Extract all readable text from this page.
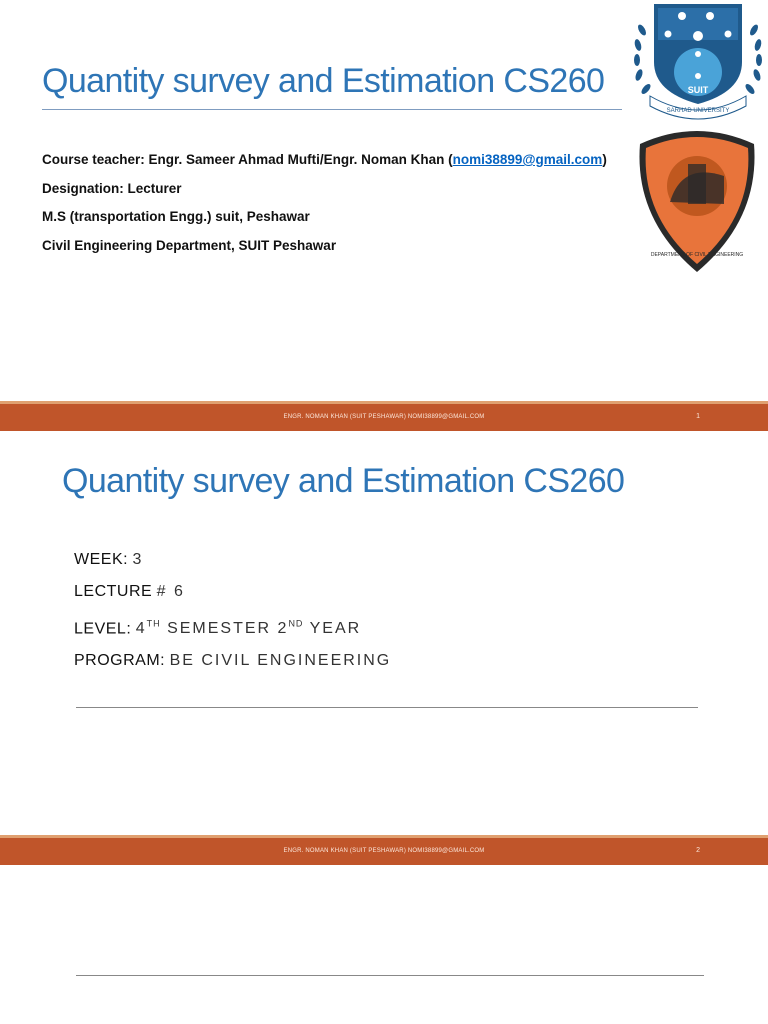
Quantity survey and Estimation CS260
Course teacher: Engr. Sameer Ahmad Mufti/Engr. Noman Khan (nomi38899@gmail.com)
Designation: Lecturer
M.S (transportation Engg.) suit, Peshawar
Civil Engineering Department, SUIT Peshawar
SUIT
SARHAD UNIVERSITY
DEPARTMENT OF CIVIL ENGINEERING
ENGR. NOMAN KHAN (SUIT PESHAWAR) NOMI38899@GMAIL.COM	1
Quantity survey and Estimation CS260
WEEK: 3
LECTURE # 6
LEVEL: 4TH SEMESTER 2ND YEAR
PROGRAM: BE CIVIL ENGINEERING
ENGR. NOMAN KHAN (SUIT PESHAWAR) NOMI38899@GMAIL.COM	2
